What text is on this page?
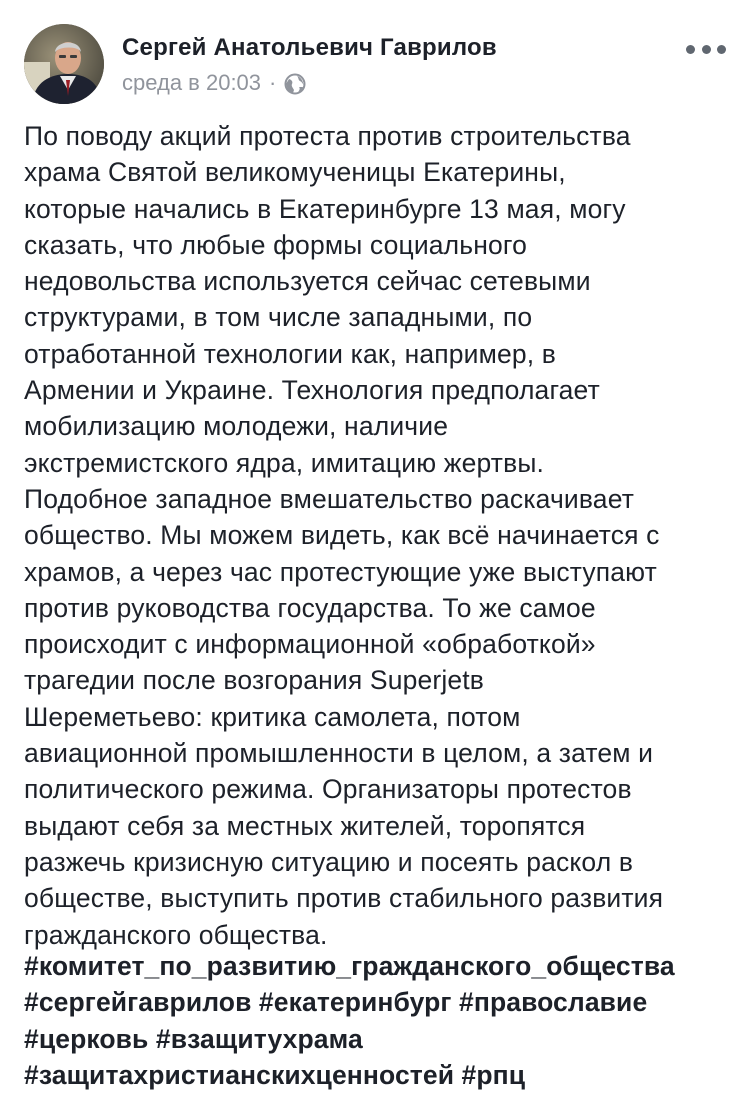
Сергей Анатольевич Гаврилов
среда в 20:03 ·
По поводу акций протеста против строительства
храма Святой великомученицы Екатерины,
которые начались в Екатеринбурге 13 мая, могу
сказать, что любые формы социального
недовольства используется сейчас сетевыми
структурами, в том числе западными, по
отработанной технологии как, например, в
Армении и Украине. Технология предполагает
мобилизацию молодежи, наличие
экстремистского ядра, имитацию жертвы.
Подобное западное вмешательство раскачивает
общество. Мы можем видеть, как всё начинается с
храмов, а через час протестующие уже выступают
против руководства государства. То же самое
происходит с информационной «обработкой»
трагедии после возгорания Superjetв
Шереметьево: критика самолета, потом
авиационной промышленности в целом, а затем и
политического режима. Организаторы протестов
выдают себя за местных жителей, торопятся
разжечь кризисную ситуацию и посеять раскол в
обществе, выступить против стабильного развития
гражданского общества.
#комитет_по_развитию_гражданского_общества
#сергейгаврилов #екатеринбург #православие
#церковь #взащитухрама
#защитахристианскихценностей #рпц
